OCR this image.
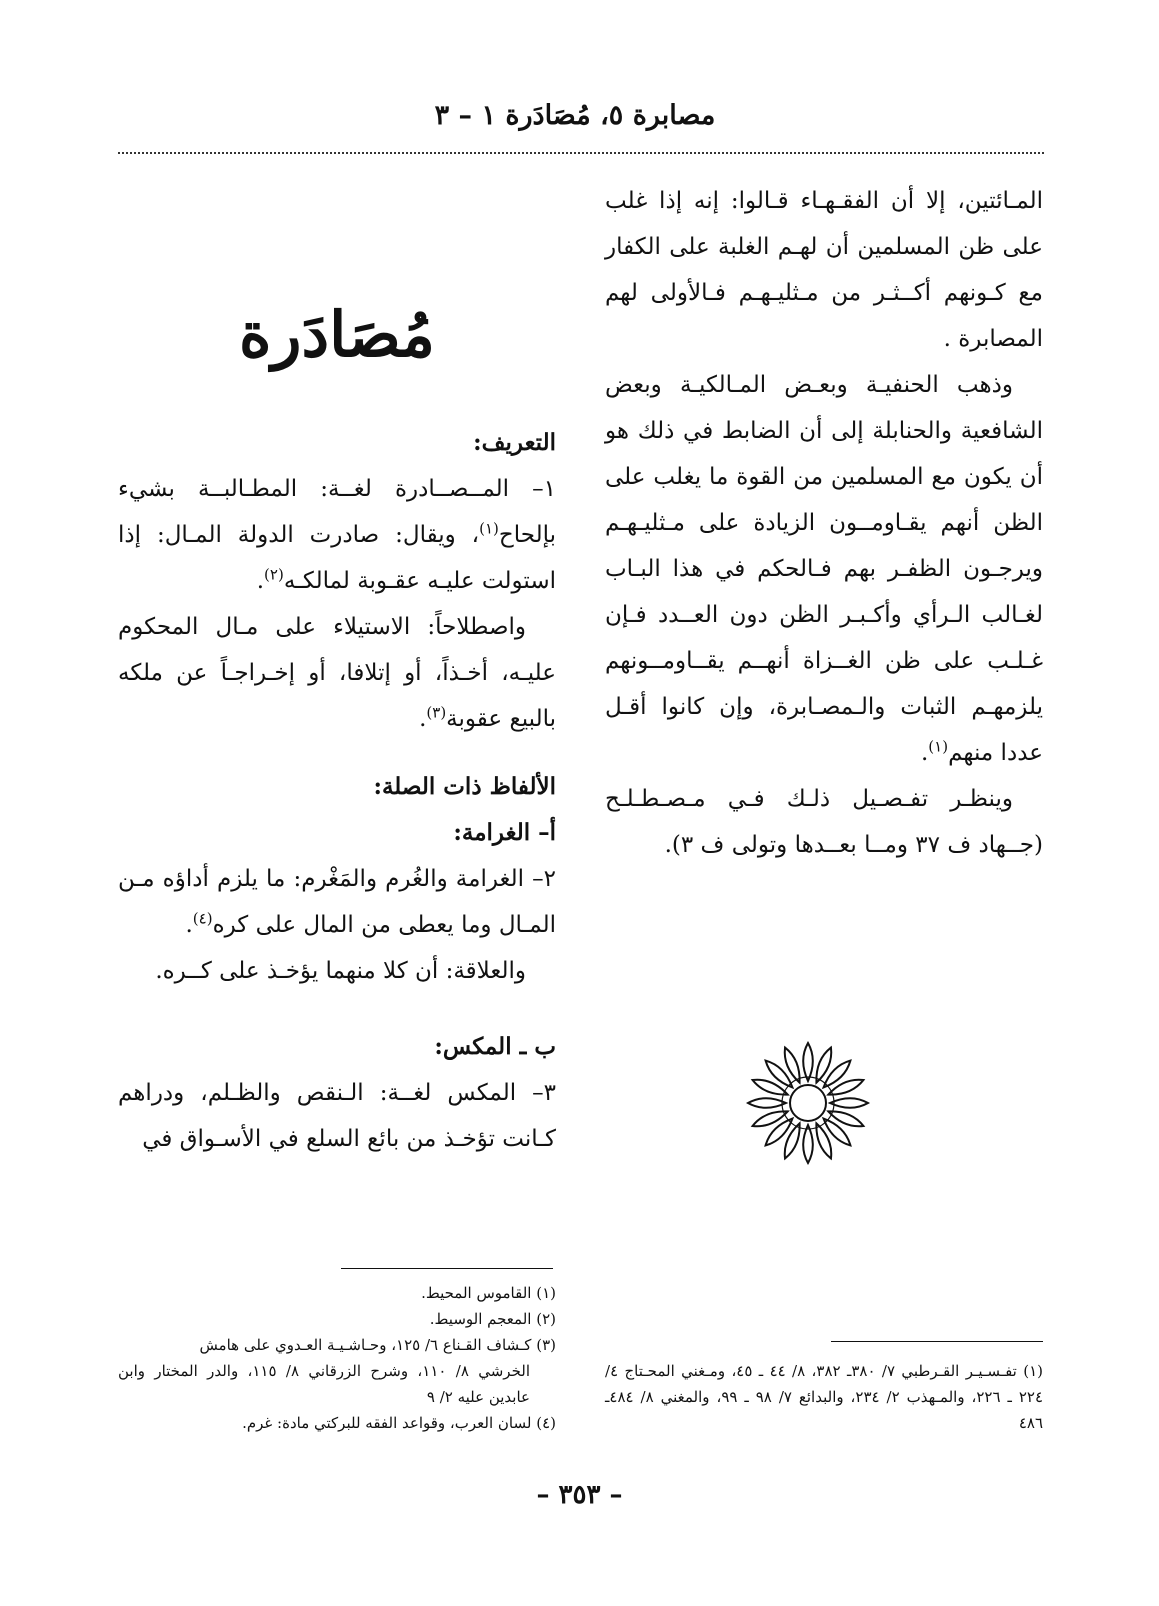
مصابرة ٥، مُصَادَرة ١ – ٣

المـائتين، إلا أن الفقـهـاء قـالوا: إنه إذا غلب على ظن المسلمين أن لهـم الغلبة على الكفار مع كـونهم أكــثـر من مـثليـهـم فـالأولى لهم المصابرة .

وذهب الحنفيـة وبعـض المـالكيـة وبعض الشافعية والحنابلة إلى أن الضابط في ذلك هو أن يكون مع المسلمين من القوة ما يغلب على الظن أنهم يقـاومــون الزيادة على مـثليـهـم ويرجـون الظفـر بهم فـالحكم في هذا البـاب لغـالب الـرأي وأكـبـر الظن دون العــدد فـإن غـلـب على ظن الغــزاة أنهــم يقــاومــونهم يلزمهـم الثبات والـمصـابرة، وإن كانوا أقـل عددا منهم$^{(١)}$.

وينظـر تفـصـيل ذلـك فـي مـصـطـلـح (جــهاد ف ٣٧ ومــا بعــدها وتولى ف ٣).

مُصَادَرة

التعريف:

١– المــصــادرة لغــة: المطـالبــة بشيء بإلحاح$^{(١)}$، ويقال: صادرت الدولة المـال: إذا استولت عليـه عقـوبة لمالكـه$^{(٢)}$.

واصطلاحاً: الاستيلاء على مـال المحكوم عليـه، أخـذاً، أو إتلافا، أو إخـراجـاً عن ملكه بالبيع عقوبة$^{(٣)}$.

الألفاظ ذات الصلة:

أ– الغرامة:

٢– الغرامة والغُرم والمَغْرم: ما يلزم أداؤه مـن المـال وما يعطى من المال على كره$^{(٤)}$.

والعلاقة: أن كلا منهما يؤخـذ على كــره.

ب ـ المكس:

٣– المكس لغــة: الـنقص والظـلم، ودراهم كـانت تؤخـذ من بائع السلع في الأسـواق في

(١) تفـسـيـر القـرطبي ٧/ ٣٨٠ـ ٣٨٢، ٨/ ٤٤ ـ ٤٥، ومـغني المحـتاج ٤/ ٢٢٤ ـ ٢٢٦، والمـهذب ٢/ ٢٣٤، والبدائع ٧/ ٩٨ ـ ٩٩، والمغني ٨/ ٤٨٤ـ ٤٨٦

(١) القاموس المحيط.

(٢) المعجم الوسيط.

(٣) كـشاف القـناع ٦/ ١٢٥، وحـاشـيـة العـدوي على هامش

الخرشي ٨/ ١١٠، وشرح الزرقاني ٨/ ١١٥، والدر المختار وابن عابدين عليه ٢/ ٩

(٤) لسان العرب، وقواعد الفقه للبركتي مادة: غرم.

– ٣٥٣ –
